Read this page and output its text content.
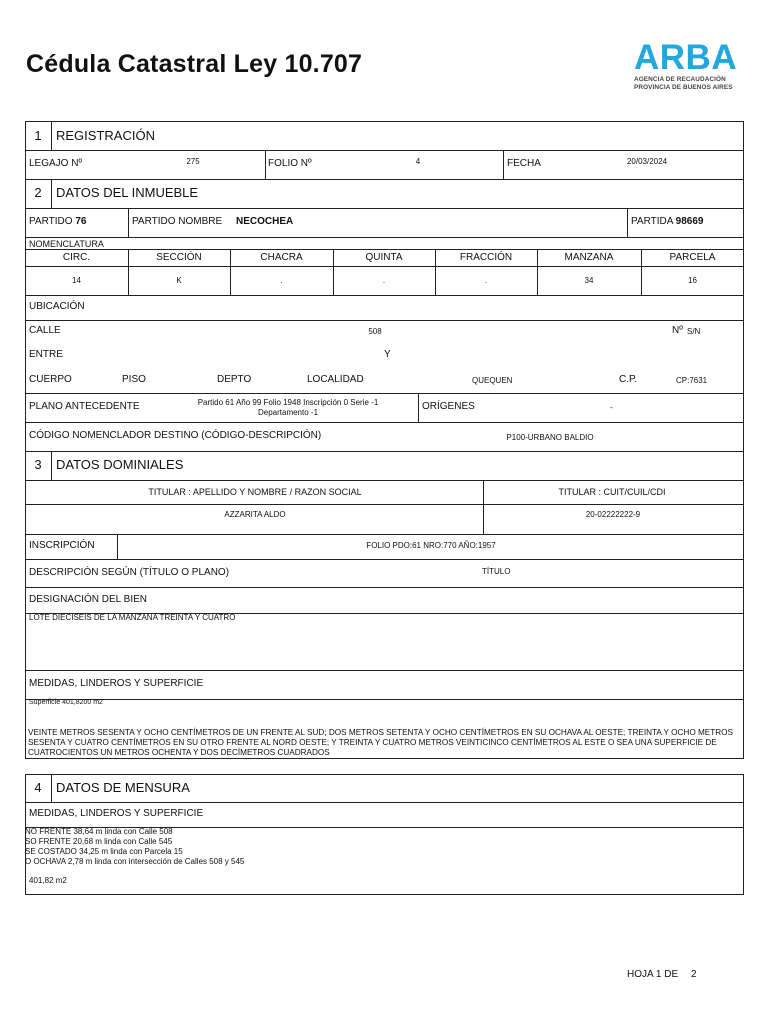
Cédula Catastral Ley 10.707	ARBA
AGENCIA DE RECAUDACIÓN
PROVINCIA DE BUENOS AIRES
1 REGISTRACIÓN
LEGAJO Nº	275	FOLIO Nº	4	FECHA	20/03/2024
2 DATOS DEL INMUEBLE
PARTIDO 76	PARTIDO NOMBRE NECOCHEA	PARTIDA 98669
NOMENCLATURA
CIRC.	SECCIÓN	CHACRA	QUINTA	FRACCIÓN	MANZANA	PARCELA
14	K	.	.	.	34	16
UBICACIÓN
CALLE	508	Nº S/N
ENTRE	Y
CUERPO	PISO	DEPTO	LOCALIDAD	QUEQUEN	C.P.	CP:7631
PLANO ANTECEDENTE	Partido 61 Año 99 Folio 1948 Inscripción 0 Serie -1
Departamento -1
ORÍGENES	-
CÓDIGO NOMENCLADOR DESTINO (CÓDIGO-DESCRIPCIÓN)	P100-URBANO BALDIO
3 DATOS DOMINIALES
TITULAR : APELLIDO Y NOMBRE / RAZON SOCIAL	TITULAR : CUIT/CUIL/CDI
AZZARITA ALDO	20-02222222-9
INSCRIPCIÓN	FOLIO PDO:61 NRO:770 AÑO:1957
DESCRIPCIÓN SEGÚN (TÍTULO O PLANO)	TÍTULO
DESIGNACIÓN DEL BIEN
LOTE DIECISEIS DE LA MANZANA TREINTA Y CUATRO
MEDIDAS, LINDEROS Y SUPERFICIE
Superficie 401,8200 m2
VEINTE METROS SESENTA Y OCHO CENTÍMETROS DE UN FRENTE AL SUD; DOS METROS SETENTA Y OCHO CENTÍMETROS EN SU OCHAVA AL OESTE; TREINTA Y OCHO METROS SESENTA Y CUATRO CENTÍMETROS EN SU OTRO FRENTE AL NORD OESTE; Y TREINTA Y CUATRO METROS VEINTICINCO CENTÍMETROS AL ESTE O SEA UNA SUPERFICIE DE CUATROCIENTOS UN METROS OCHENTA Y DOS DECÍMETROS CUADRADOS
4 DATOS DE MENSURA
MEDIDAS, LINDEROS Y SUPERFICIE
NO FRENTE 38,64 m linda con Calle 508
SO FRENTE 20,68 m linda con Calle 545
SE COSTADO 34,25 m linda con Parcela 15
O OCHAVA 2,78 m linda con intersección de Calles 508 y 545
401,82 m2
HOJA 1 DE 2
